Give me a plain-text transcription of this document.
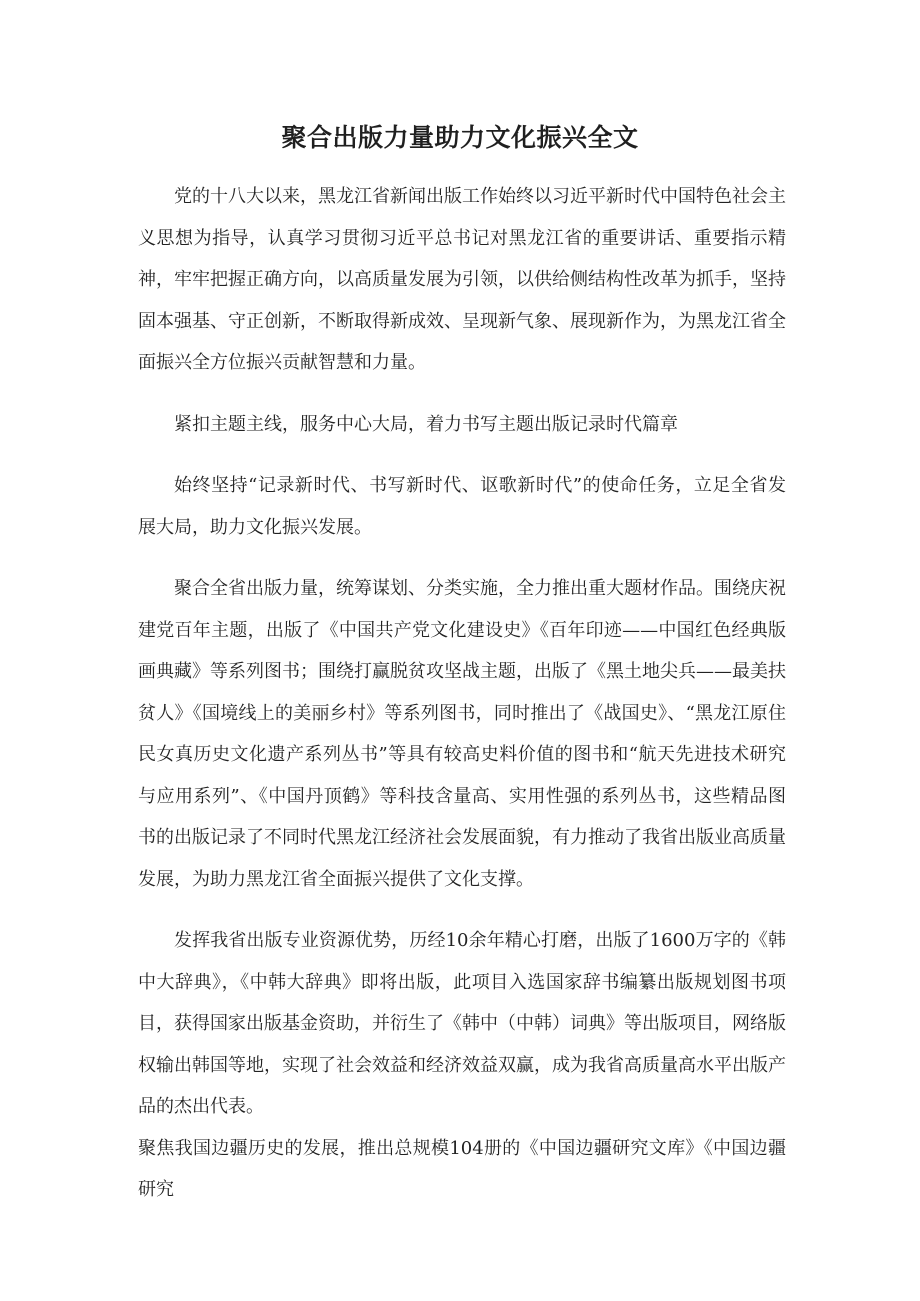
聚合出版力量助力文化振兴全文

党的十八大以来，黑龙江省新闻出版工作始终以习近平新时代中国特色社会主义思想为指导，认真学习贯彻习近平总书记对黑龙江省的重要讲话、重要指示精神，牢牢把握正确方向，以高质量发展为引领，以供给侧结构性改革为抓手，坚持固本强基、守正创新，不断取得新成效、呈现新气象、展现新作为，为黑龙江省全面振兴全方位振兴贡献智慧和力量。

紧扣主题主线，服务中心大局，着力书写主题出版记录时代篇章

始终坚持“记录新时代、书写新时代、讴歌新时代”的使命任务，立足全省发展大局，助力文化振兴发展。

聚合全省出版力量，统筹谋划、分类实施，全力推出重大题材作品。围绕庆祝建党百年主题，出版了《中国共产党文化建设史》《百年印迹——中国红色经典版画典藏》等系列图书；围绕打赢脱贫攻坚战主题，出版了《黑土地尖兵——最美扶贫人》《国境线上的美丽乡村》等系列图书，同时推出了《战国史》、“黑龙江原住民女真历史文化遗产系列丛书”等具有较高史料价值的图书和“航天先进技术研究与应用系列”、《中国丹顶鹤》等科技含量高、实用性强的系列丛书，这些精品图书的出版记录了不同时代黑龙江经济社会发展面貌，有力推动了我省出版业高质量发展，为助力黑龙江省全面振兴提供了文化支撑。

发挥我省出版专业资源优势，历经10余年精心打磨，出版了1600万字的《韩中大辞典》，《中韩大辞典》即将出版，此项目入选国家辞书编纂出版规划图书项目，获得国家出版基金资助，并衍生了《韩中（中韩）词典》等出版项目，网络版权输出韩国等地，实现了社会效益和经济效益双赢，成为我省高质量高水平出版产品的杰出代表。

聚焦我国边疆历史的发展，推出总规模104册的《中国边疆研究文库》《中国边疆研究
